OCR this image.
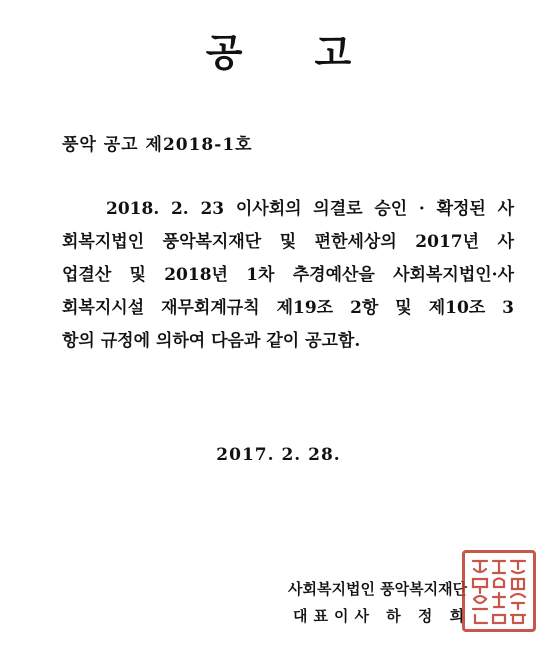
공 고
풍악 공고 제2018-1호
2018. 2. 23 이사회의 의결로 승인 · 확정된 사
회복지법인 풍악복지재단 및 편한세상의 2017년 사
업결산 및 2018년 1차 추경예산을 사회복지법인·사
회복지시설 재무회계규칙 제19조 2항 및 제10조 3
항의 규정에 의하여 다음과 같이 공고함.
2017. 2. 28.
사회복지법인 풍악복지재단
대표이사 하 정 희
